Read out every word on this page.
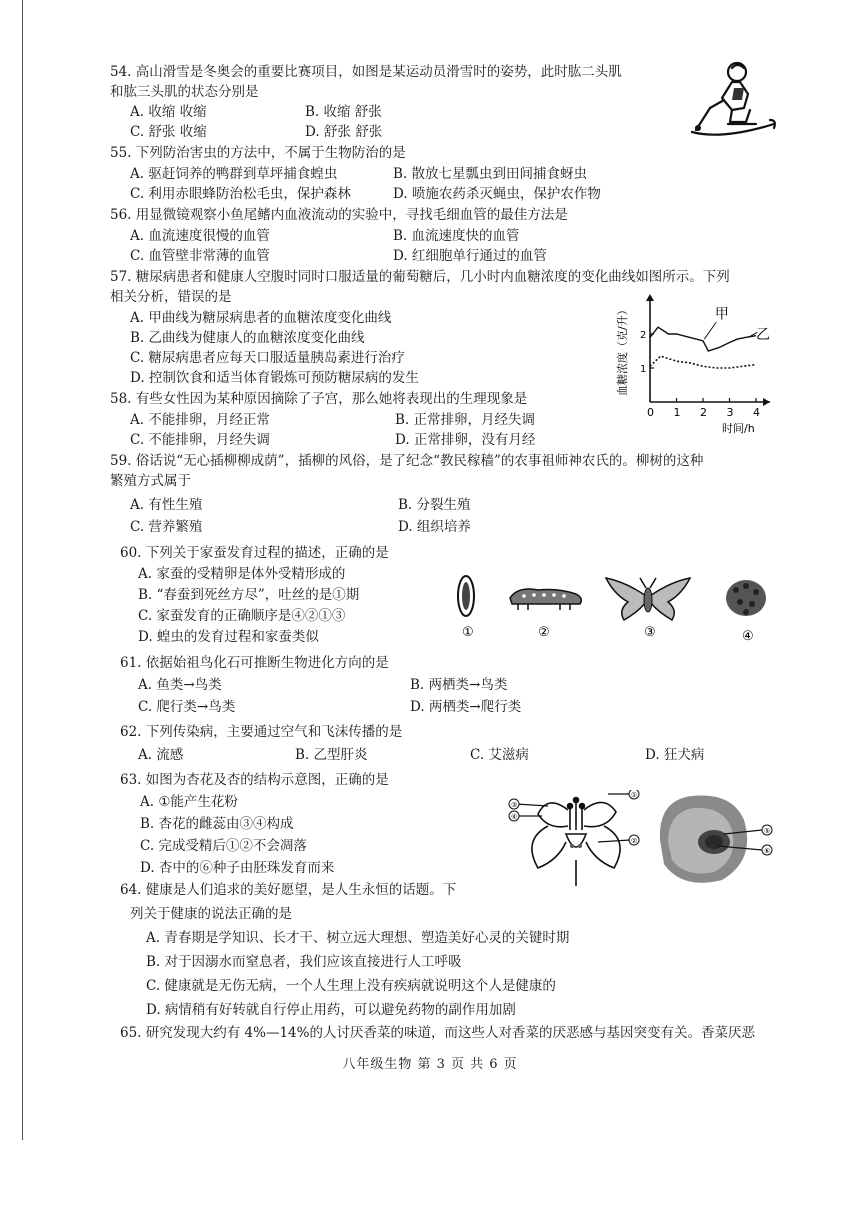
54. 高山滑雪是冬奥会的重要比赛项目，如图是某运动员滑雪时的姿势，此时肱二头肌
和肱三头肌的状态分别是
A. 收缩 收缩	B. 收缩 舒张
C. 舒张 收缩	D. 舒张 舒张
55. 下列防治害虫的方法中，不属于生物防治的是
A. 驱赶饲养的鸭群到草坪捕食蝗虫	B. 散放七星瓢虫到田间捕食蚜虫
C. 利用赤眼蜂防治松毛虫，保护森林	D. 喷施农药杀灭蝇虫，保护农作物
56. 用显微镜观察小鱼尾鳍内血液流动的实验中，寻找毛细血管的最佳方法是
A. 血流速度很慢的血管	B. 血流速度快的血管
C. 血管壁非常薄的血管	D. 红细胞单行通过的血管
57. 糖尿病患者和健康人空腹时同时口服适量的葡萄糖后，几小时内血糖浓度的变化曲线如图所示。下列
相关分析，错误的是
A. 甲曲线为糖尿病患者的血糖浓度变化曲线
B. 乙曲线为健康人的血糖浓度变化曲线
C. 糖尿病患者应每天口服适量胰岛素进行治疗
D. 控制饮食和适当体育锻炼可预防糖尿病的发生
58. 有些女性因为某种原因摘除了子宫，那么她将表现出的生理现象是
A. 不能排卵，月经正常	B. 正常排卵，月经失调
C. 不能排卵，月经失调	D. 正常排卵，没有月经
59. 俗话说“无心插柳柳成荫”，插柳的风俗，是了纪念“教民稼穑”的农事祖师神农氏的。柳树的这种
繁殖方式属于
A. 有性生殖	B. 分裂生殖
C. 营养繁殖	D. 组织培养
60. 下列关于家蚕发育过程的描述，正确的是
A. 家蚕的受精卵是体外受精形成的
B. “春蚕到死丝方尽”，吐丝的是①期
C. 家蚕发育的正确顺序是④②①③
D. 蝗虫的发育过程和家蚕类似
61. 依据始祖鸟化石可推断生物进化方向的是
A. 鱼类→鸟类	B. 两栖类→鸟类
C. 爬行类→鸟类	D. 两栖类→爬行类
62. 下列传染病，主要通过空气和飞沫传播的是
A. 流感	B. 乙型肝炎	C. 艾滋病	D. 狂犬病
63. 如图为杏花及杏的结构示意图，正确的是
A. ①能产生花粉
B. 杏花的雌蕊由③④构成
C. 完成受精后①②不会凋落
D. 杏中的⑥种子由胚珠发育而来
64. 健康是人们追求的美好愿望，是人生永恒的话题。下
列关于健康的说法正确的是
A. 青春期是学知识、长才干、树立远大理想、塑造美好心灵的关键时期
B. 对于因溺水而窒息者，我们应该直接进行人工呼吸
C. 健康就是无伤无病，一个人生理上没有疾病就说明这个人是健康的
D. 病情稍有好转就自行停止用药，可以避免药物的副作用加剧
65. 研究发现大约有 4%—14%的人讨厌香菜的味道，而这些人对香菜的厌恶感与基因突变有关。香菜厌恶
0 1 2 3 4
1
2
时间/h
血糖浓度（克/升）	甲
乙
①	②	③	④
③
④
①
②
⑤
⑥
八年级生物 第 3 页 共 6 页
